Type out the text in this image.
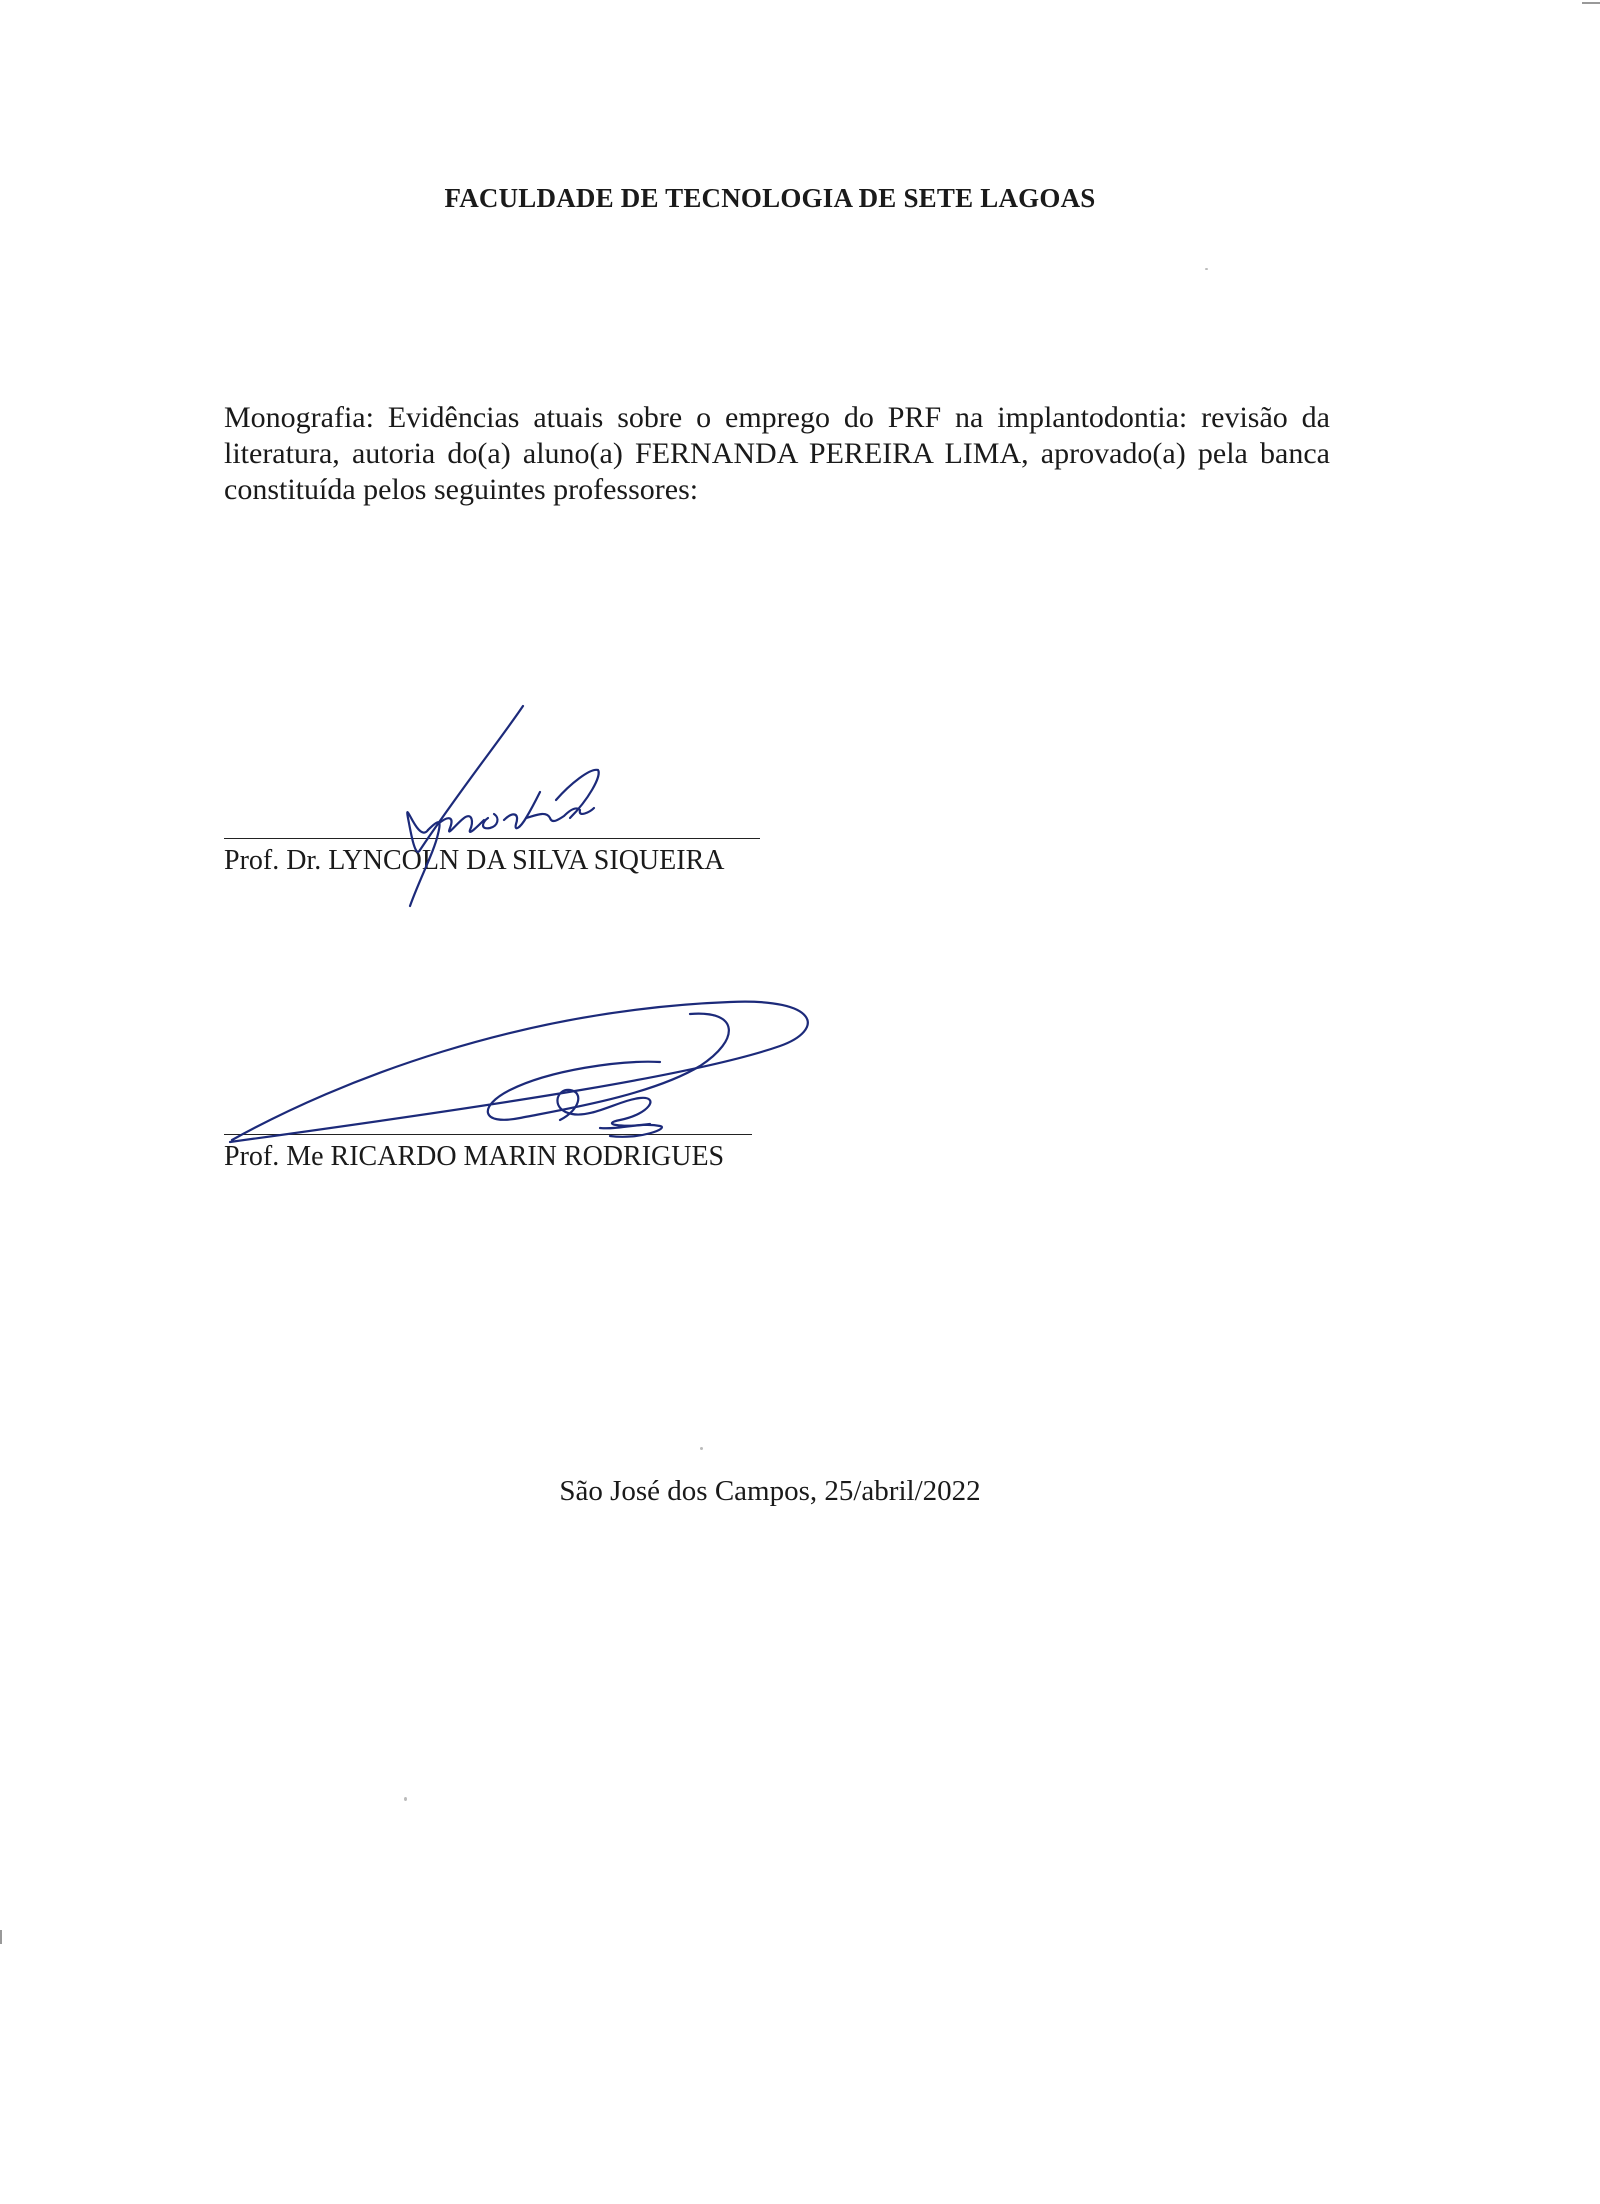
FACULDADE DE TECNOLOGIA DE SETE LAGOAS
Monografia: Evidências atuais sobre o emprego do PRF na implantodontia: revisão da literatura, autoria do(a) aluno(a) FERNANDA PEREIRA LIMA, aprovado(a) pela banca constituída pelos seguintes professores:
Prof. Dr. LYNCOLN DA SILVA SIQUEIRA
Prof. Me RICARDO MARIN RODRIGUES
São José dos Campos, 25/abril/2022
